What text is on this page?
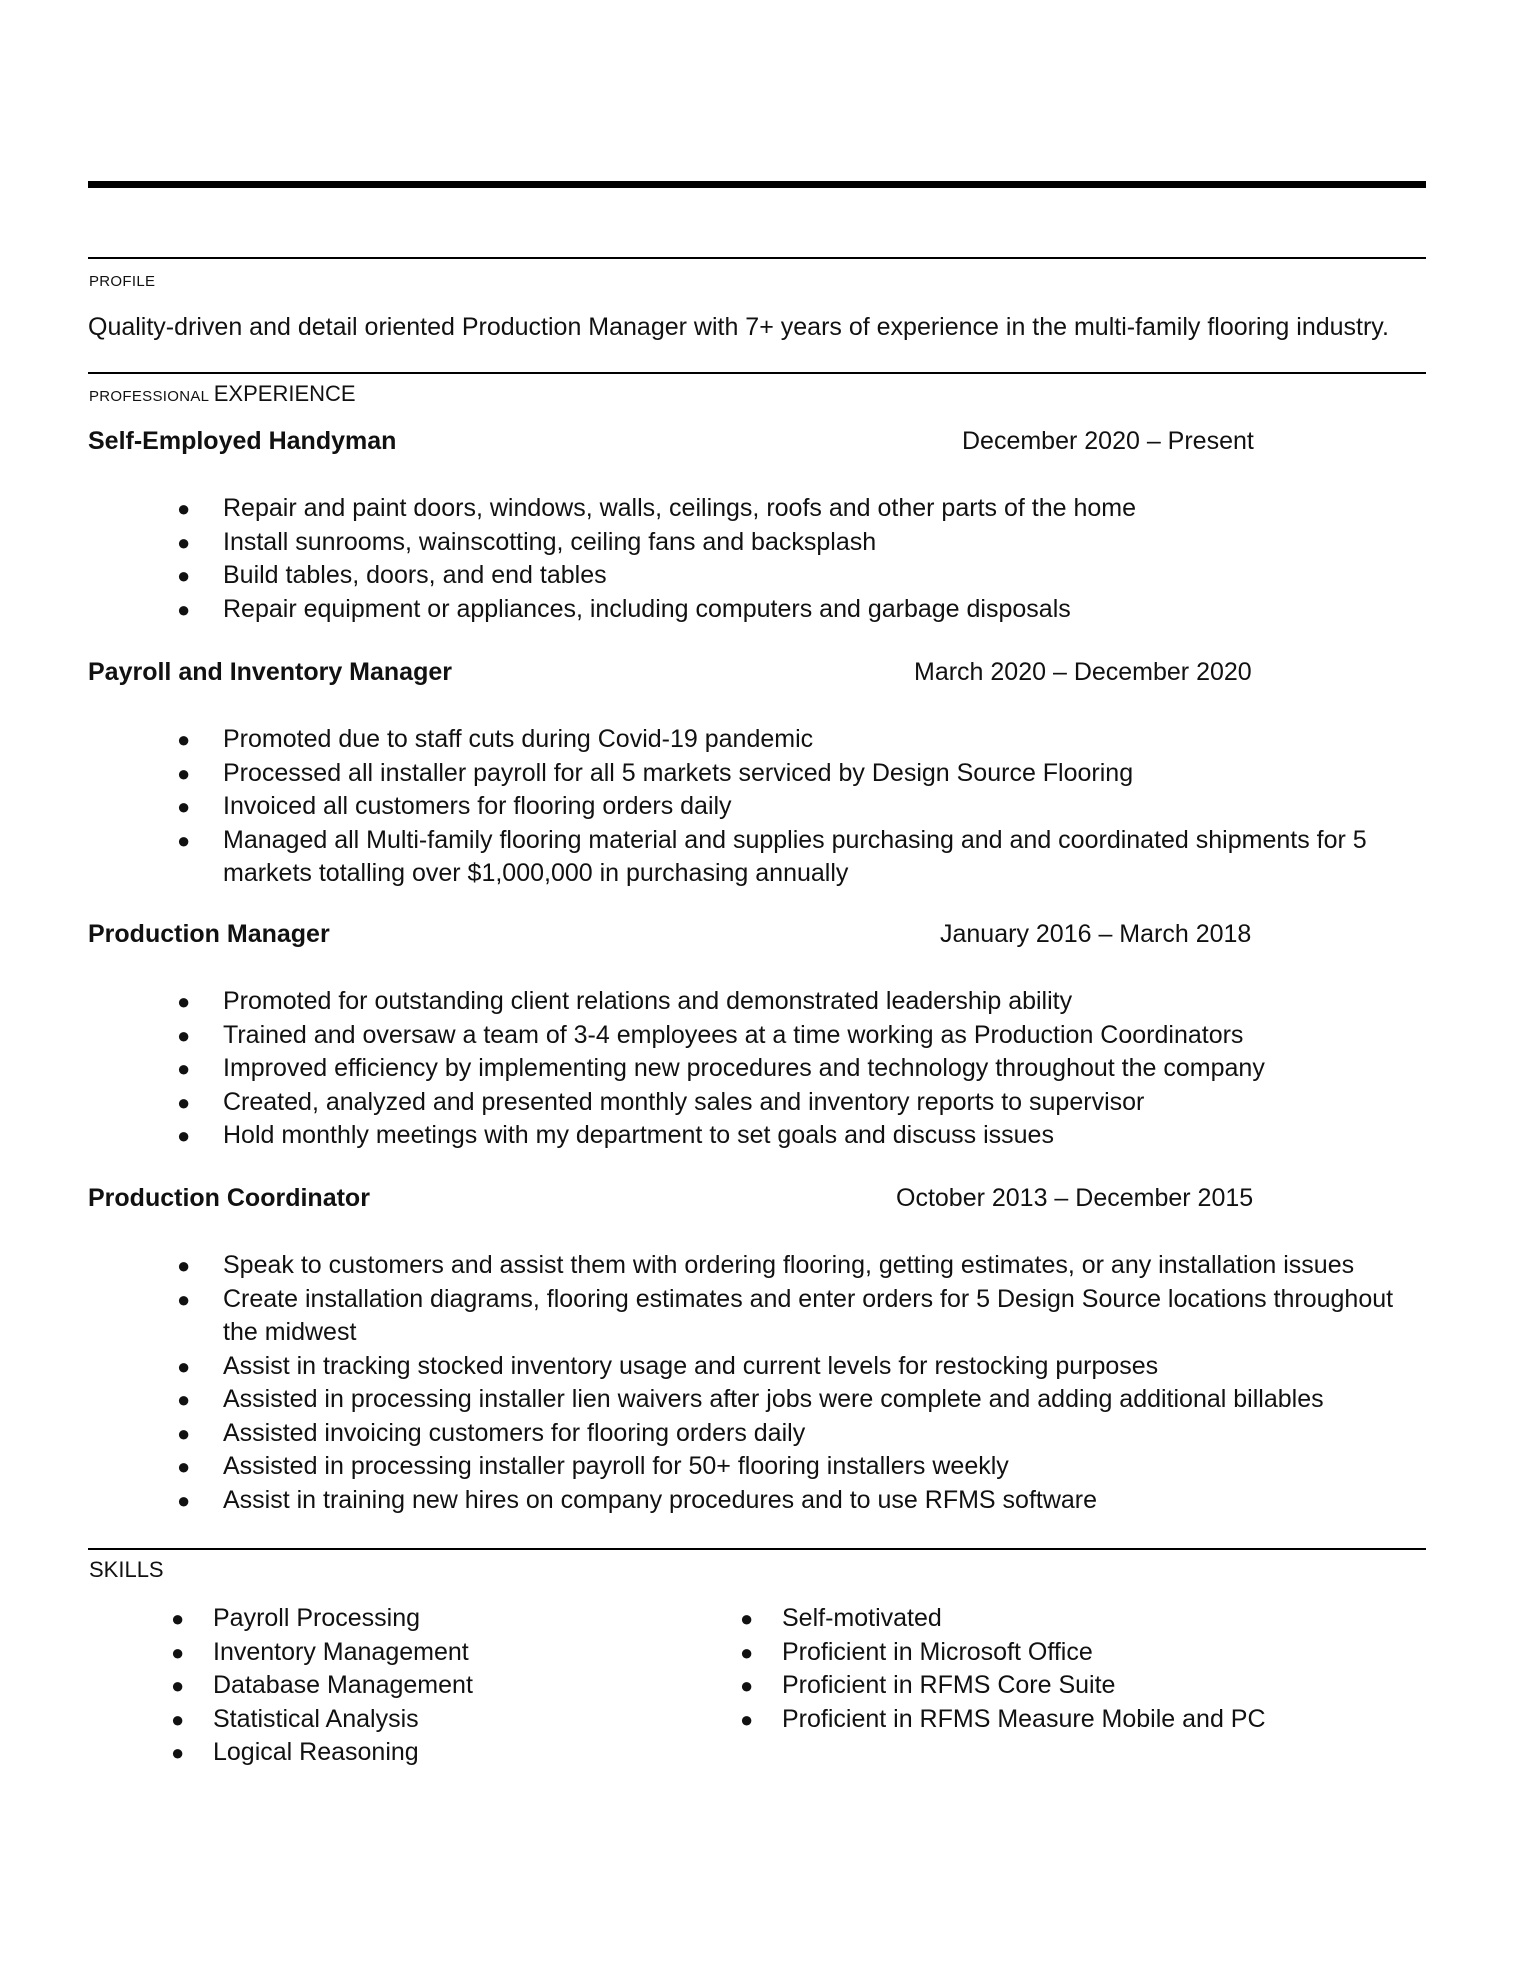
PROFILE
Quality-driven and detail oriented Production Manager with 7+ years of experience in the multi-family flooring industry.
PROFESSIONAL EXPERIENCE
Self-Employed Handyman	December 2020 – Present
● Repair and paint doors, windows, walls, ceilings, roofs and other parts of the home
● Install sunrooms, wainscotting, ceiling fans and backsplash
● Build tables, doors, and end tables
● Repair equipment or appliances, including computers and garbage disposals
Payroll and Inventory Manager	March 2020 – December 2020
● Promoted due to staff cuts during Covid-19 pandemic
● Processed all installer payroll for all 5 markets serviced by Design Source Flooring
● Invoiced all customers for flooring orders daily
● Managed all Multi-family flooring material and supplies purchasing and and coordinated shipments for 5 markets totalling over $1,000,000 in purchasing annually
Production Manager	January 2016 – March 2018
● Promoted for outstanding client relations and demonstrated leadership ability
● Trained and oversaw a team of 3-4 employees at a time working as Production Coordinators
● Improved efficiency by implementing new procedures and technology throughout the company
● Created, analyzed and presented monthly sales and inventory reports to supervisor
● Hold monthly meetings with my department to set goals and discuss issues
Production Coordinator	October 2013 – December 2015
● Speak to customers and assist them with ordering flooring, getting estimates, or any installation issues
● Create installation diagrams, flooring estimates and enter orders for 5 Design Source locations throughout the midwest
● Assist in tracking stocked inventory usage and current levels for restocking purposes
● Assisted in processing installer lien waivers after jobs were complete and adding additional billables
● Assisted invoicing customers for flooring orders daily
● Assisted in processing installer payroll for 50+ flooring installers weekly
● Assist in training new hires on company procedures and to use RFMS software
SKILLS
● Payroll Processing
● Inventory Management
● Database Management
● Statistical Analysis
● Logical Reasoning
● Self-motivated
● Proficient in Microsoft Office
● Proficient in RFMS Core Suite
● Proficient in RFMS Measure Mobile and PC
